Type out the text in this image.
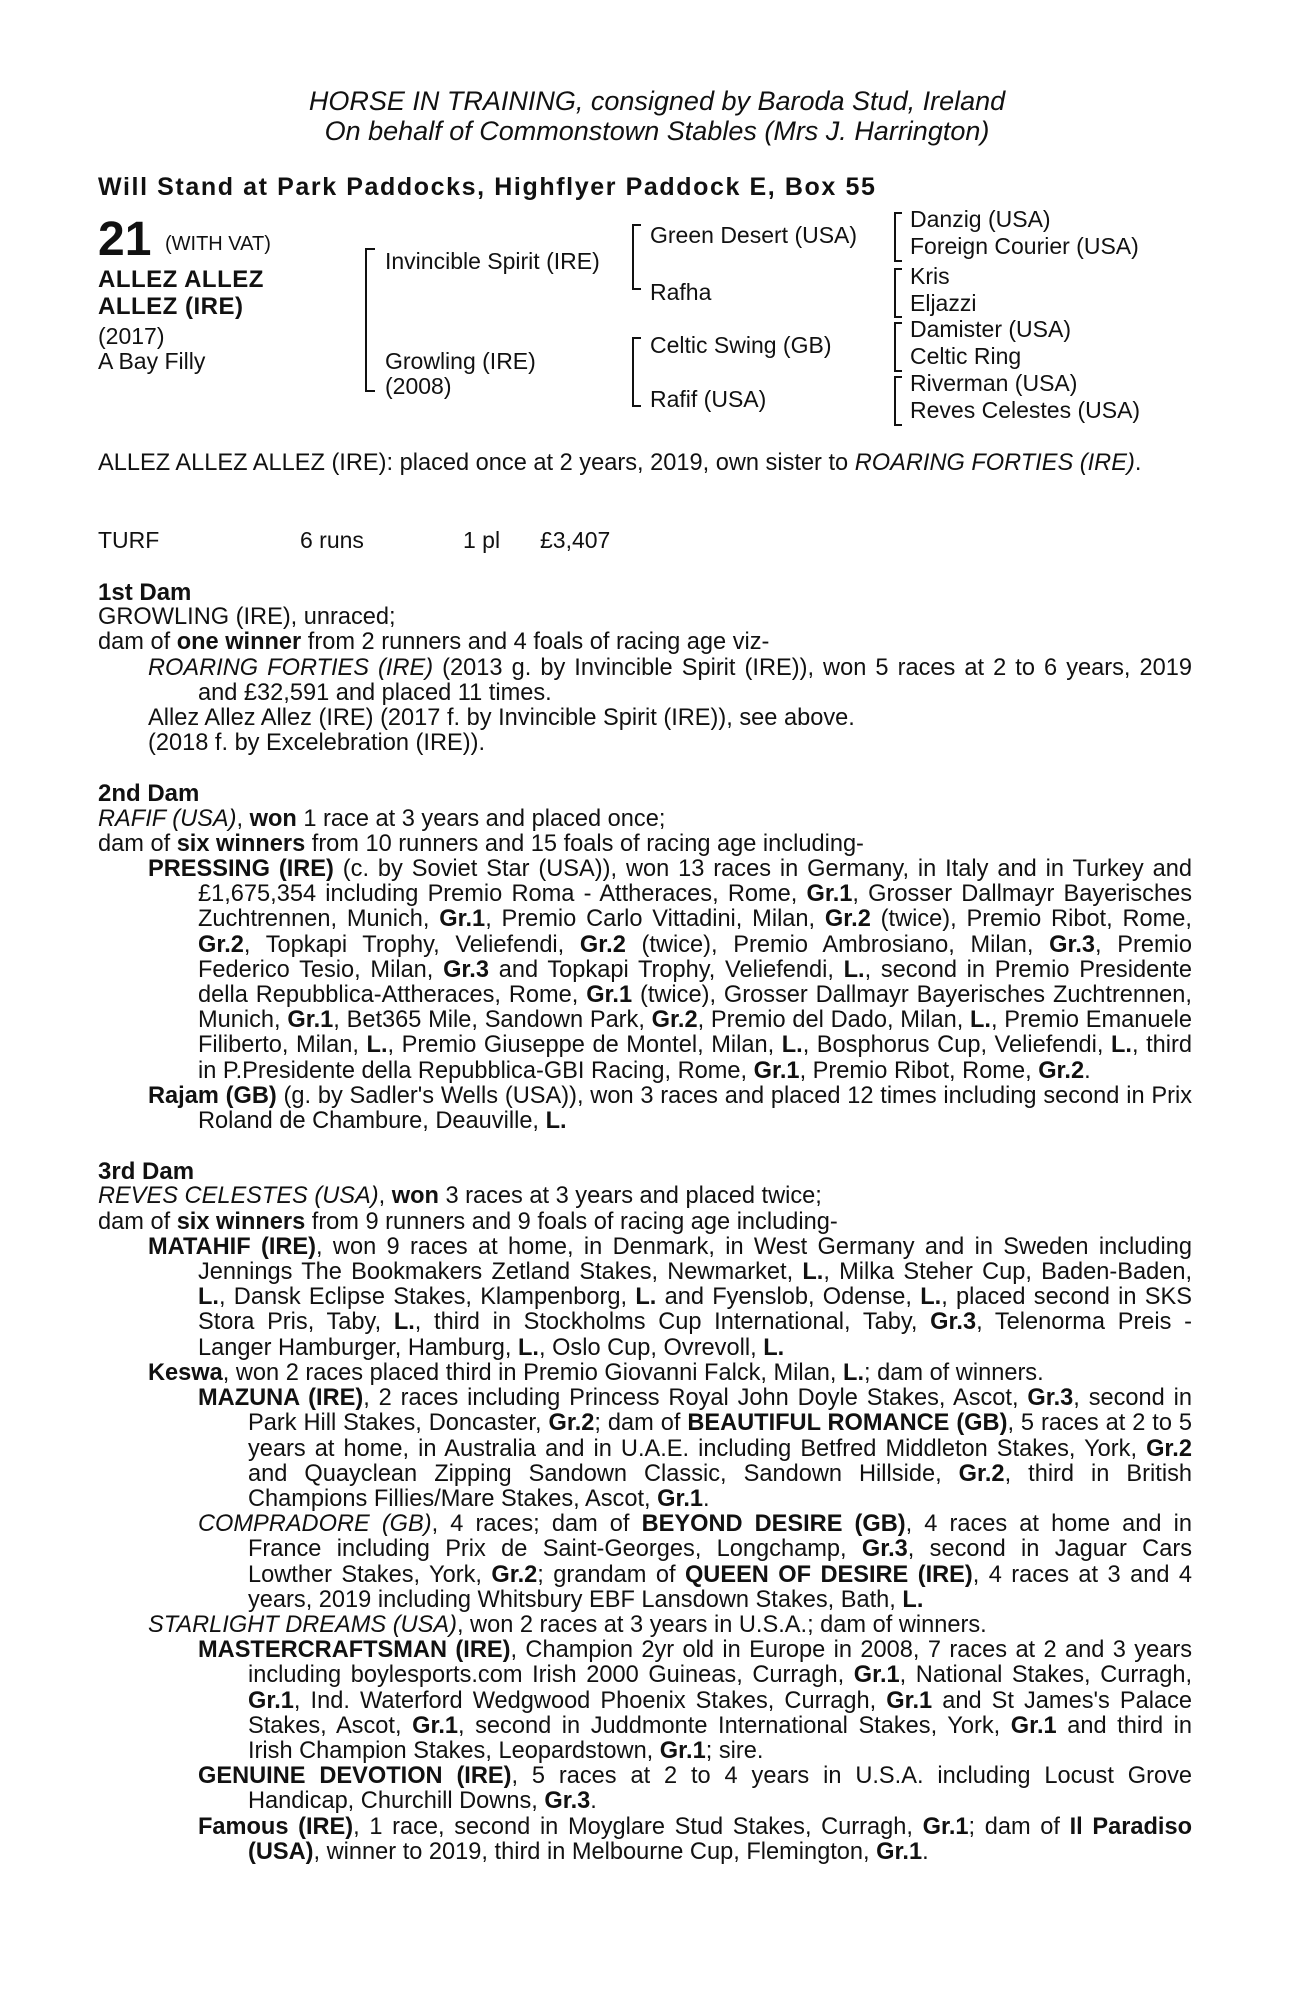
HORSE IN TRAINING, consigned by Baroda Stud, Ireland
On behalf of Commonstown Stables (Mrs J. Harrington)
Will Stand at Park Paddocks, Highflyer Paddock E, Box 55
21 (WITH VAT)
ALLEZ ALLEZ
ALLEZ (IRE)
(2017)
A Bay Filly
Invincible Spirit (IRE)
Growling (IRE)
(2008)
Green Desert (USA)
Rafha
Celtic Swing (GB)
Rafif (USA)
Danzig (USA)
Foreign Courier (USA)
Kris
Eljazzi
Damister (USA)
Celtic Ring
Riverman (USA)
Reves Celestes (USA)
ALLEZ ALLEZ ALLEZ (IRE): placed once at 2 years, 2019, own sister to ROARING FORTIES (IRE).
TURF	6 runs	1 pl £3,407

1st Dam

GROWLING (IRE), unraced;

dam of one winner from 2 runners and 4 foals of racing age viz-

ROARING FORTIES (IRE) (2013 g. by Invincible Spirit (IRE)), won 5 races at 2 to 6 years, 2019 and £32,591 and placed 11 times.

Allez Allez Allez (IRE) (2017 f. by Invincible Spirit (IRE)), see above.

(2018 f. by Excelebration (IRE)).

2nd Dam

RAFIF (USA), won 1 race at 3 years and placed once;

dam of six winners from 10 runners and 15 foals of racing age including-

PRESSING (IRE) (c. by Soviet Star (USA)), won 13 races in Germany, in Italy and in Turkey and £1,675,354 including Premio Roma - Attheraces, Rome, Gr.1, Grosser Dallmayr Bayerisches Zuchtrennen, Munich, Gr.1, Premio Carlo Vittadini, Milan, Gr.2 (twice), Premio Ribot, Rome, Gr.2, Topkapi Trophy, Veliefendi, Gr.2 (twice), Premio Ambrosiano, Milan, Gr.3, Premio Federico Tesio, Milan, Gr.3 and Topkapi Trophy, Veliefendi, L., second in Premio Presidente della Repubblica-Attheraces, Rome, Gr.1 (twice), Grosser Dallmayr Bayerisches Zuchtrennen, Munich, Gr.1, Bet365 Mile, Sandown Park, Gr.2, Premio del Dado, Milan, L., Premio Emanuele Filiberto, Milan, L., Premio Giuseppe de Montel, Milan, L., Bosphorus Cup, Veliefendi, L., third in P.Presidente della Repubblica-GBI Racing, Rome, Gr.1, Premio Ribot, Rome, Gr.2.

Rajam (GB) (g. by Sadler's Wells (USA)), won 3 races and placed 12 times including second in Prix Roland de Chambure, Deauville, L.

3rd Dam

REVES CELESTES (USA), won 3 races at 3 years and placed twice;

dam of six winners from 9 runners and 9 foals of racing age including-

MATAHIF (IRE), won 9 races at home, in Denmark, in West Germany and in Sweden including Jennings The Bookmakers Zetland Stakes, Newmarket, L., Milka Steher Cup, Baden-Baden, L., Dansk Eclipse Stakes, Klampenborg, L. and Fyenslob, Odense, L., placed second in SKS Stora Pris, Taby, L., third in Stockholms Cup International, Taby, Gr.3, Telenorma Preis - Langer Hamburger, Hamburg, L., Oslo Cup, Ovrevoll, L.

Keswa, won 2 races placed third in Premio Giovanni Falck, Milan, L.; dam of winners.

MAZUNA (IRE), 2 races including Princess Royal John Doyle Stakes, Ascot, Gr.3, second in Park Hill Stakes, Doncaster, Gr.2; dam of BEAUTIFUL ROMANCE (GB), 5 races at 2 to 5 years at home, in Australia and in U.A.E. including Betfred Middleton Stakes, York, Gr.2 and Quayclean Zipping Sandown Classic, Sandown Hillside, Gr.2, third in British Champions Fillies/Mare Stakes, Ascot, Gr.1.

COMPRADORE (GB), 4 races; dam of BEYOND DESIRE (GB), 4 races at home and in France including Prix de Saint-Georges, Longchamp, Gr.3, second in Jaguar Cars Lowther Stakes, York, Gr.2; grandam of QUEEN OF DESIRE (IRE), 4 races at 3 and 4 years, 2019 including Whitsbury EBF Lansdown Stakes, Bath, L.

STARLIGHT DREAMS (USA), won 2 races at 3 years in U.S.A.; dam of winners.

MASTERCRAFTSMAN (IRE), Champion 2yr old in Europe in 2008, 7 races at 2 and 3 years including boylesports.com Irish 2000 Guineas, Curragh, Gr.1, National Stakes, Curragh, Gr.1, Ind. Waterford Wedgwood Phoenix Stakes, Curragh, Gr.1 and St James's Palace Stakes, Ascot, Gr.1, second in Juddmonte International Stakes, York, Gr.1 and third in Irish Champion Stakes, Leopardstown, Gr.1; sire.

GENUINE DEVOTION (IRE), 5 races at 2 to 4 years in U.S.A. including Locust Grove Handicap, Churchill Downs, Gr.3.

Famous (IRE), 1 race, second in Moyglare Stud Stakes, Curragh, Gr.1; dam of Il Paradiso (USA), winner to 2019, third in Melbourne Cup, Flemington, Gr.1.
